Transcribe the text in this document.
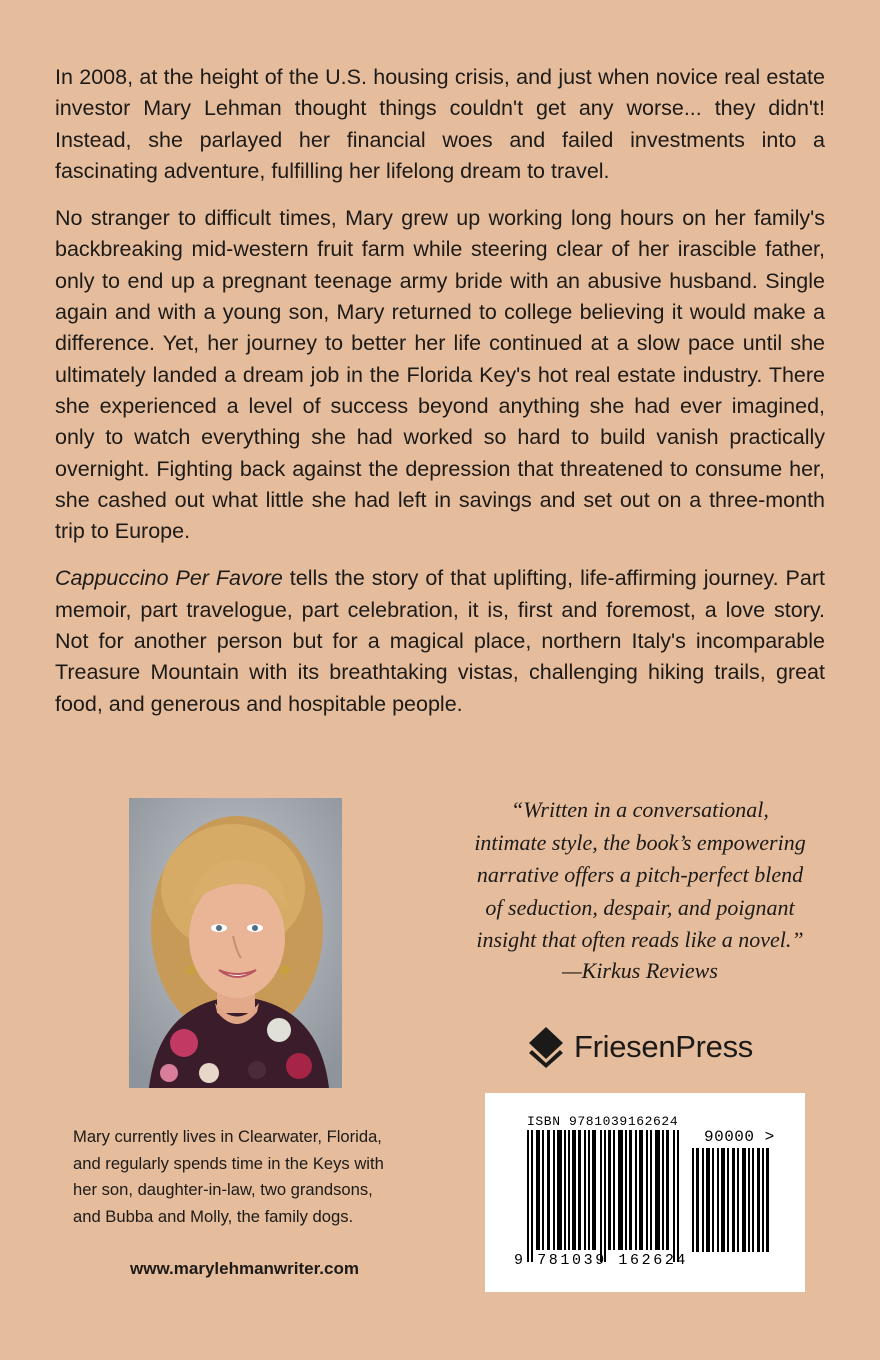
In 2008, at the height of the U.S. housing crisis, and just when novice real estate investor Mary Lehman thought things couldn't get any worse... they didn't! Instead, she parlayed her financial woes and failed investments into a fascinating adventure, fulfilling her lifelong dream to travel.

No stranger to difficult times, Mary grew up working long hours on her family's backbreaking mid-western fruit farm while steering clear of her irascible father, only to end up a pregnant teenage army bride with an abusive husband. Single again and with a young son, Mary returned to college believing it would make a difference. Yet, her journey to better her life continued at a slow pace until she ultimately landed a dream job in the Florida Key's hot real estate industry. There she experienced a level of success beyond anything she had ever imagined, only to watch everything she had worked so hard to build vanish practically overnight. Fighting back against the depression that threatened to consume her, she cashed out what little she had left in savings and set out on a three-month trip to Europe.

Cappuccino Per Favore tells the story of that uplifting, life-affirming journey. Part memoir, part travelogue, part celebration, it is, first and foremost, a love story. Not for another person but for a magical place, northern Italy's incomparable Treasure Mountain with its breathtaking vistas, challenging hiking trails, great food, and generous and hospitable people.

Mary currently lives in Clearwater, Florida,
and regularly spends time in the Keys with
her son, daughter-in-law, two grandsons,
and Bubba and Molly, the family dogs.
www.marylehmanwriter.com
“Written in a conversational,
intimate style, the book’s empowering
narrative offers a pitch-perfect blend
of seduction, despair, and poignant
insight that often reads like a novel.”
—Kirkus Reviews
FriesenPress
ISBN 9781039162624
90000 >
9 781039 162624
